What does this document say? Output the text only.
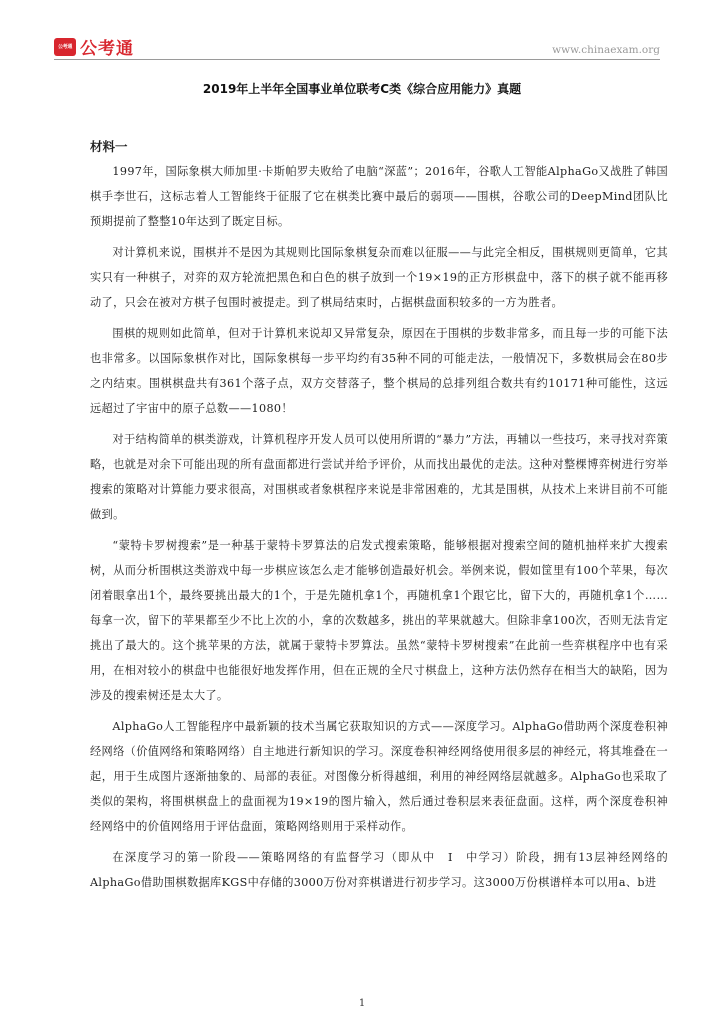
公考通 公考通	www.chinaexam.org
2019年上半年全国事业单位联考C类《综合应用能力》真题
材料一

1997年，国际象棋大师加里·卡斯帕罗夫败给了电脑“深蓝”；2016年，谷歌人工智能AlphaGo又战胜了韩国棋手李世石，这标志着人工智能终于征服了它在棋类比赛中最后的弱项——围棋，谷歌公司的DeepMind团队比预期提前了整整10年达到了既定目标。

对计算机来说，围棋并不是因为其规则比国际象棋复杂而难以征服——与此完全相反，围棋规则更简单，它其实只有一种棋子，对弈的双方轮流把黑色和白色的棋子放到一个19×19的正方形棋盘中，落下的棋子就不能再移动了，只会在被对方棋子包围时被提走。到了棋局结束时，占据棋盘面积较多的一方为胜者。

围棋的规则如此简单，但对于计算机来说却又异常复杂，原因在于围棋的步数非常多，而且每一步的可能下法也非常多。以国际象棋作对比，国际象棋每一步平均约有35种不同的可能走法，一般情况下，多数棋局会在80步之内结束。围棋棋盘共有361个落子点，双方交替落子，整个棋局的总排列组合数共有约10171种可能性，这远远超过了宇宙中的原子总数——1080！

对于结构简单的棋类游戏，计算机程序开发人员可以使用所谓的“暴力”方法，再辅以一些技巧，来寻找对弈策略，也就是对余下可能出现的所有盘面都进行尝试并给予评价，从而找出最优的走法。这种对整棵博弈树进行穷举搜索的策略对计算能力要求很高，对围棋或者象棋程序来说是非常困难的，尤其是围棋，从技术上来讲目前不可能做到。

“蒙特卡罗树搜索”是一种基于蒙特卡罗算法的启发式搜索策略，能够根据对搜索空间的随机抽样来扩大搜索树，从而分析围棋这类游戏中每一步棋应该怎么走才能够创造最好机会。举例来说，假如筐里有100个苹果，每次闭着眼拿出1个，最终要挑出最大的1个，于是先随机拿1个，再随机拿1个跟它比，留下大的，再随机拿1个……每拿一次，留下的苹果都至少不比上次的小，拿的次数越多，挑出的苹果就越大。但除非拿100次，否则无法肯定挑出了最大的。这个挑苹果的方法，就属于蒙特卡罗算法。虽然“蒙特卡罗树搜索”在此前一些弈棋程序中也有采用，在相对较小的棋盘中也能很好地发挥作用，但在正规的全尺寸棋盘上，这种方法仍然存在相当大的缺陷，因为涉及的搜索树还是太大了。

AlphaGo人工智能程序中最新颖的技术当属它获取知识的方式——深度学习。AlphaGo借助两个深度卷积神经网络（价值网络和策略网络）自主地进行新知识的学习。深度卷积神经网络使用很多层的神经元，将其堆叠在一起，用于生成图片逐渐抽象的、局部的表征。对图像分析得越细，利用的神经网络层就越多。AlphaGo也采取了类似的架构，将围棋棋盘上的盘面视为19×19的图片输入，然后通过卷积层来表征盘面。这样，两个深度卷积神经网络中的价值网络用于评估盘面，策略网络则用于采样动作。

在深度学习的第一阶段——策略网络的有监督学习（即从中　I　中学习）阶段，拥有13层神经网络的AlphaGo借助围棋数据库KGS中存储的3000万份对弈棋谱进行初步学习。这3000万份棋谱样本可以用a、b进

1
